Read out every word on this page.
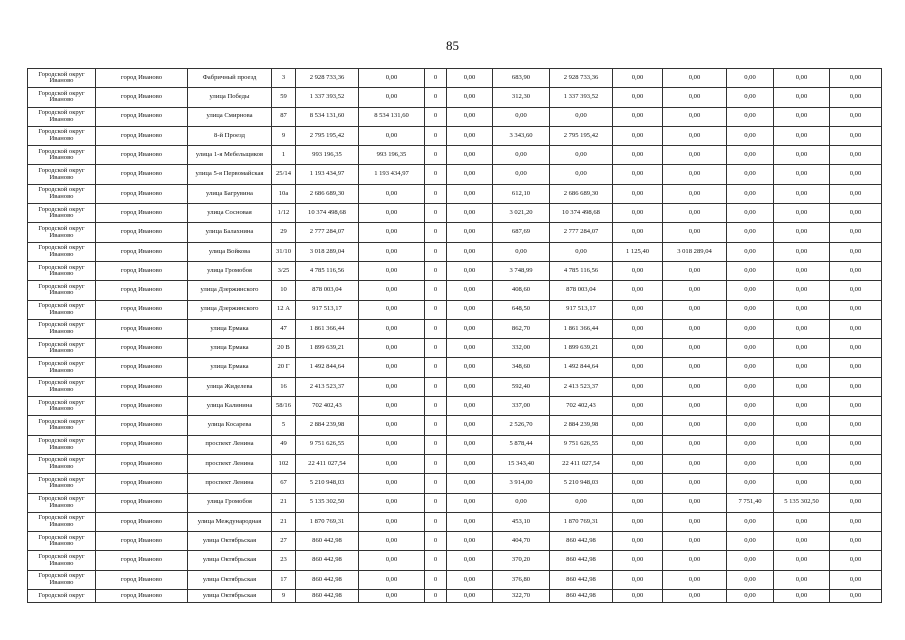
85
Городской округ Иваново	город Иваново	Фабричный проезд	3	2 928 733,36	0,00	0	0,00	683,90	2 928 733,36	0,00	0,00	0,00	0,00	0,00
Городской округ Иваново	город Иваново	улица Победы	59	1 337 393,52	0,00	0	0,00	312,30	1 337 393,52	0,00	0,00	0,00	0,00	0,00
Городской округ Иваново	город Иваново	улица Смирнова	87	8 534 131,60	8 534 131,60	0	0,00	0,00	0,00	0,00	0,00	0,00	0,00	0,00
Городской округ Иваново	город Иваново	8-й Проезд	9	2 795 195,42	0,00	0	0,00	3 343,60	2 795 195,42	0,00	0,00	0,00	0,00	0,00
Городской округ Иваново	город Иваново	улица 1-я Мебельщиков	1	993 196,35	993 196,35	0	0,00	0,00	0,00	0,00	0,00	0,00	0,00	0,00
Городской округ Иваново	город Иваново	улица 5-я Первомайская	25/14	1 193 434,97	1 193 434,97	0	0,00	0,00	0,00	0,00	0,00	0,00	0,00	0,00
Городской округ Иваново	город Иваново	улица Багрувина	10а	2 686 689,30	0,00	0	0,00	612,10	2 686 689,30	0,00	0,00	0,00	0,00	0,00
Городской округ Иваново	город Иваново	улица Сосновая	1/12	10 374 498,68	0,00	0	0,00	3 021,20	10 374 498,68	0,00	0,00	0,00	0,00	0,00
Городской округ Иваново	город Иваново	улица Балахнина	29	2 777 284,07	0,00	0	0,00	687,69	2 777 284,07	0,00	0,00	0,00	0,00	0,00
Городской округ Иваново	город Иваново	улица Войкова	31/10	3 018 289,04	0,00	0	0,00	0,00	0,00	1 125,40	3 018 289,04	0,00	0,00	0,00
Городской округ Иваново	город Иваново	улица Громобоя	3/25	4 785 116,56	0,00	0	0,00	3 748,99	4 785 116,56	0,00	0,00	0,00	0,00	0,00
Городской округ Иваново	город Иваново	улица Дзержинского	10	878 003,04	0,00	0	0,00	408,60	878 003,04	0,00	0,00	0,00	0,00	0,00
Городской округ Иваново	город Иваново	улица Дзержинского	12 А	917 513,17	0,00	0	0,00	648,50	917 513,17	0,00	0,00	0,00	0,00	0,00
Городской округ Иваново	город Иваново	улица Ермака	47	1 861 366,44	0,00	0	0,00	862,70	1 861 366,44	0,00	0,00	0,00	0,00	0,00
Городской округ Иваново	город Иваново	улица Ермака	20 В	1 899 639,21	0,00	0	0,00	332,00	1 899 639,21	0,00	0,00	0,00	0,00	0,00
Городской округ Иваново	город Иваново	улица Ермака	20 Г	1 492 844,64	0,00	0	0,00	348,60	1 492 844,64	0,00	0,00	0,00	0,00	0,00
Городской округ Иваново	город Иваново	улица Жиделева	16	2 413 523,37	0,00	0	0,00	592,40	2 413 523,37	0,00	0,00	0,00	0,00	0,00
Городской округ Иваново	город Иваново	улица Калинина	58/16	702 402,43	0,00	0	0,00	337,00	702 402,43	0,00	0,00	0,00	0,00	0,00
Городской округ Иваново	город Иваново	улица Косарева	5	2 884 239,98	0,00	0	0,00	2 526,70	2 884 239,98	0,00	0,00	0,00	0,00	0,00
Городской округ Иваново	город Иваново	проспект Ленина	49	9 751 626,55	0,00	0	0,00	5 878,44	9 751 626,55	0,00	0,00	0,00	0,00	0,00
Городской округ Иваново	город Иваново	проспект Ленина	102	22 411 027,54	0,00	0	0,00	15 343,40	22 411 027,54	0,00	0,00	0,00	0,00	0,00
Городской округ Иваново	город Иваново	проспект Ленина	67	5 210 948,03	0,00	0	0,00	3 914,00	5 210 948,03	0,00	0,00	0,00	0,00	0,00
Городской округ Иваново	город Иваново	улица Громобоя	21	5 135 302,50	0,00	0	0,00	0,00	0,00	0,00	0,00	7 751,40	5 135 302,50	0,00
Городской округ Иваново	город Иваново	улица Международная	21	1 870 769,31	0,00	0	0,00	453,10	1 870 769,31	0,00	0,00	0,00	0,00	0,00
Городской округ Иваново	город Иваново	улица Октябрьская	27	860 442,98	0,00	0	0,00	404,70	860 442,98	0,00	0,00	0,00	0,00	0,00
Городской округ Иваново	город Иваново	улица Октябрьская	23	860 442,98	0,00	0	0,00	370,20	860 442,98	0,00	0,00	0,00	0,00	0,00
Городской округ Иваново	город Иваново	улица Октябрьская	17	860 442,98	0,00	0	0,00	376,80	860 442,98	0,00	0,00	0,00	0,00	0,00
Городской округ	город Иваново	улица Октябрьская	9	860 442,98	0,00	0	0,00	322,70	860 442,98	0,00	0,00	0,00	0,00	0,00
